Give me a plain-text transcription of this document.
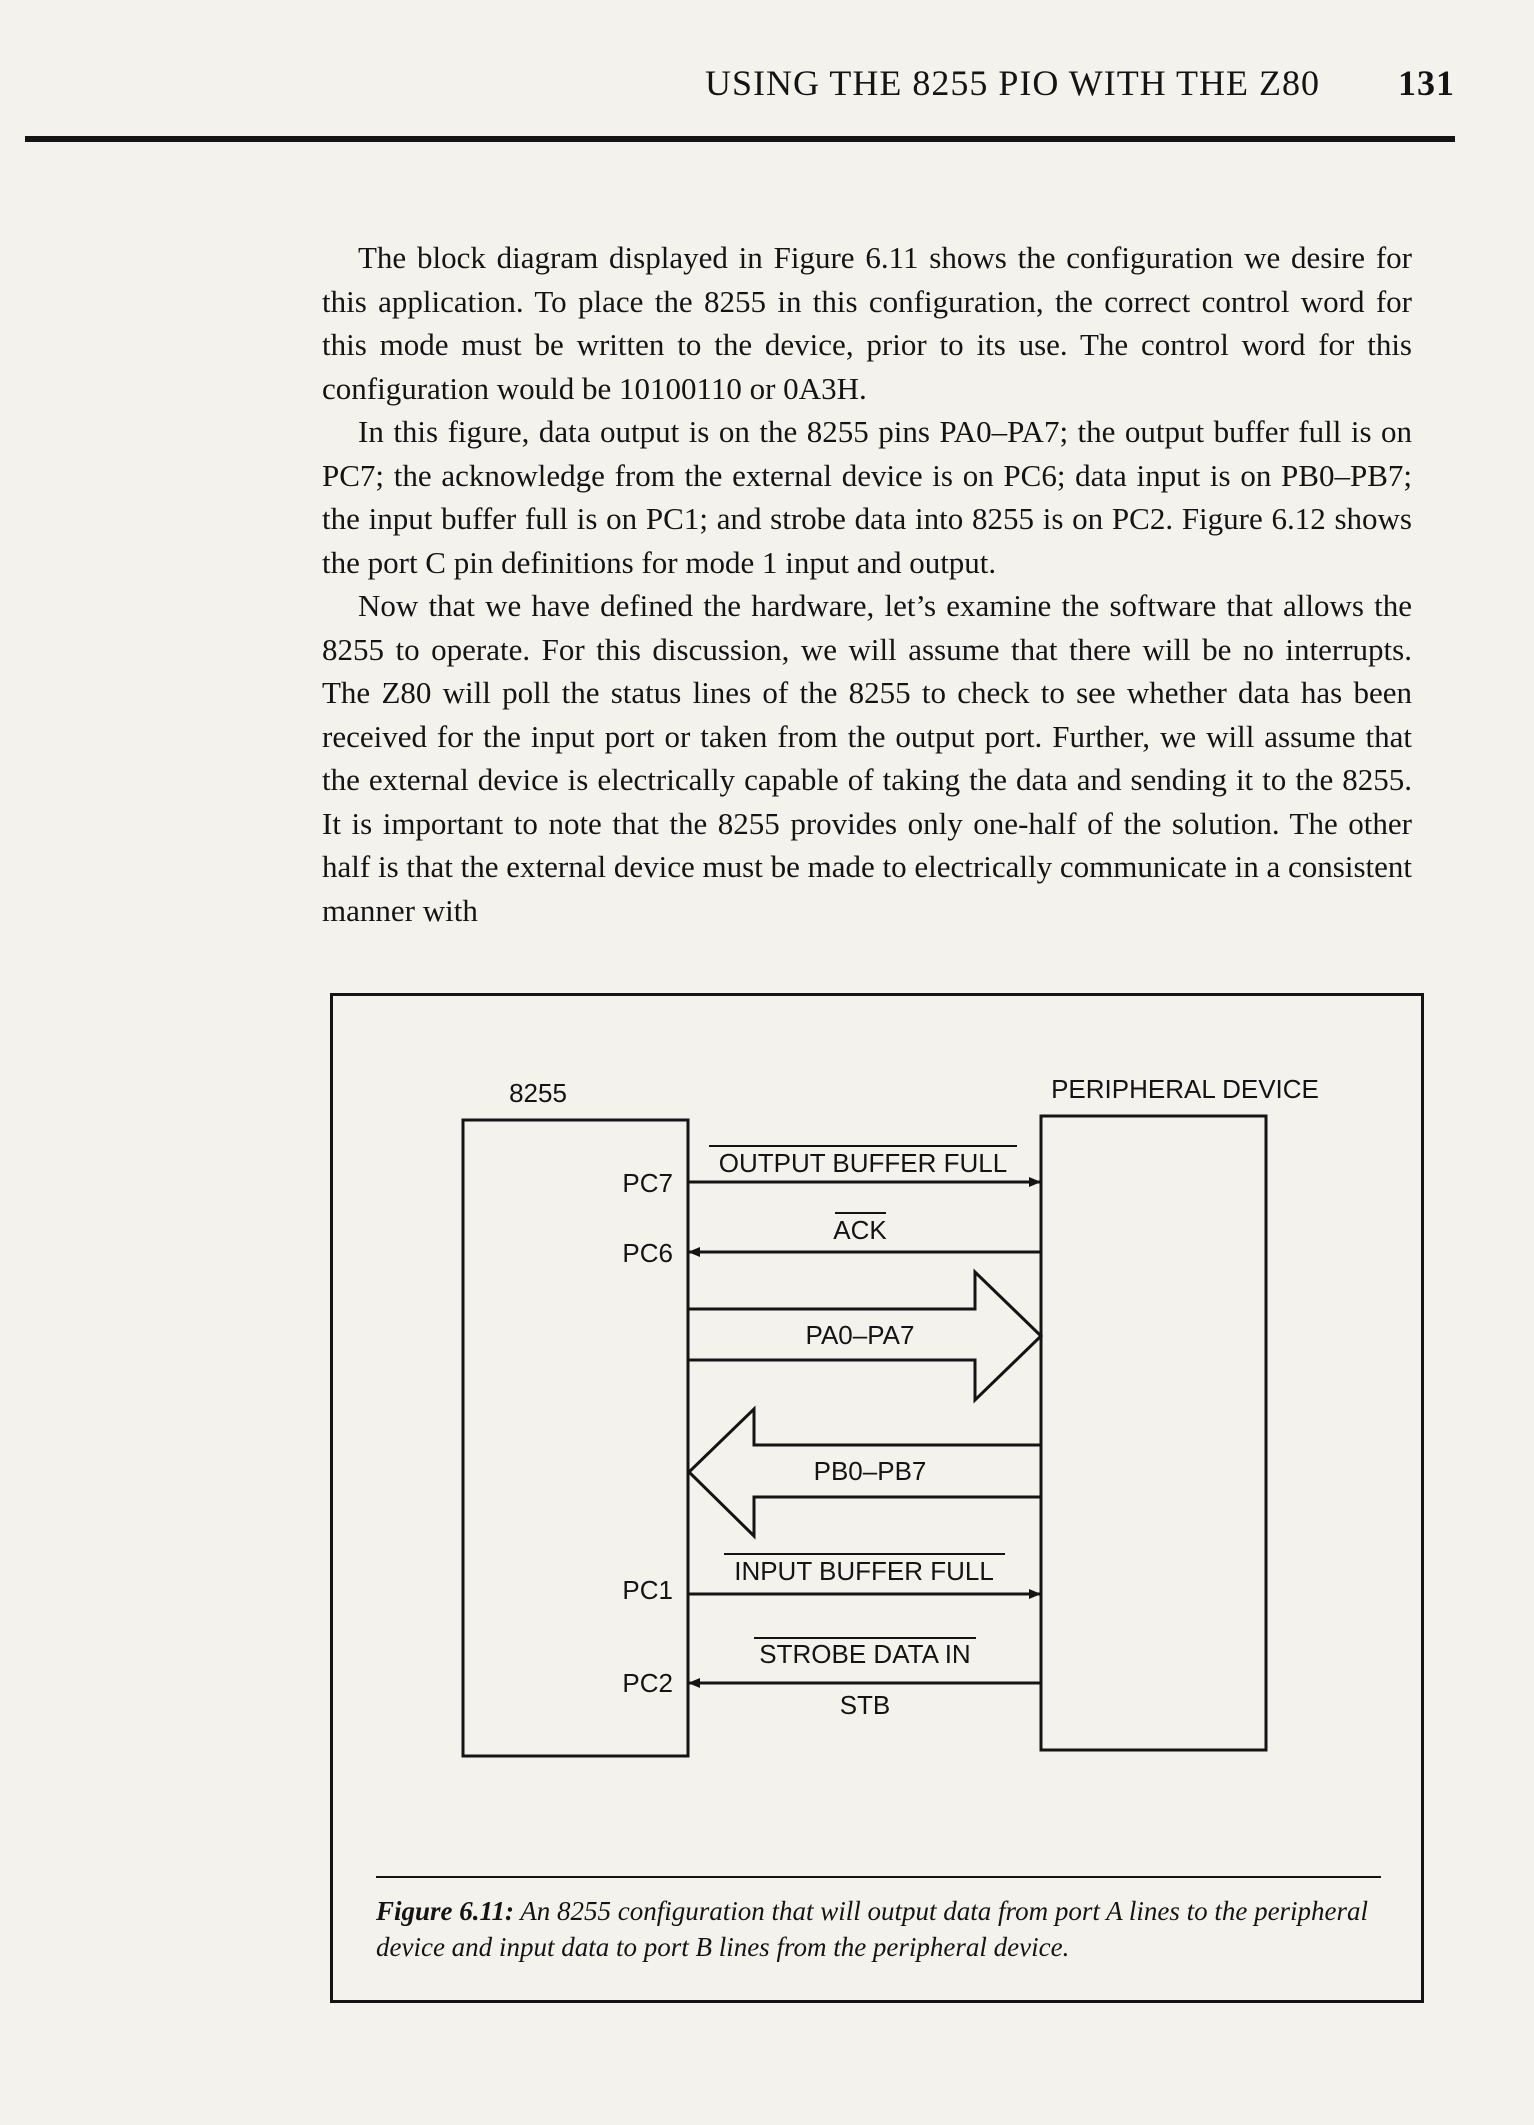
USING THE 8255 PIO WITH THE Z80 131

The block diagram displayed in Figure 6.11 shows the configuration we desire for this application. To place the 8255 in this configuration, the correct control word for this mode must be written to the device, prior to its use. The control word for this configuration would be 10100110 or 0A3H.

In this figure, data output is on the 8255 pins PA0–PA7; the output buffer full is on PC7; the acknowledge from the external device is on PC6; data input is on PB0–PB7; the input buffer full is on PC1; and strobe data into 8255 is on PC2. Figure 6.12 shows the port C pin definitions for mode 1 input and output.

Now that we have defined the hardware, let’s examine the software that allows the 8255 to operate. For this discussion, we will assume that there will be no interrupts. The Z80 will poll the status lines of the 8255 to check to see whether data has been received for the input port or taken from the output port. Further, we will assume that the external device is electrically capable of taking the data and sending it to the 8255. It is important to note that the 8255 provides only one-half of the solution. The other half is that the external device must be made to electrically communicate in a consistent manner with

8255	PERIPHERAL DEVICE
PC7
PC6
PC1
PC2
OUTPUT BUFFER FULL
ACK
PA0–PA7
PB0–PB7
INPUT BUFFER FULL
STROBE DATA IN
STB
Figure 6.11: An 8255 configuration that will output data from port A lines to the peripheral device and input data to port B lines from the peripheral device.
